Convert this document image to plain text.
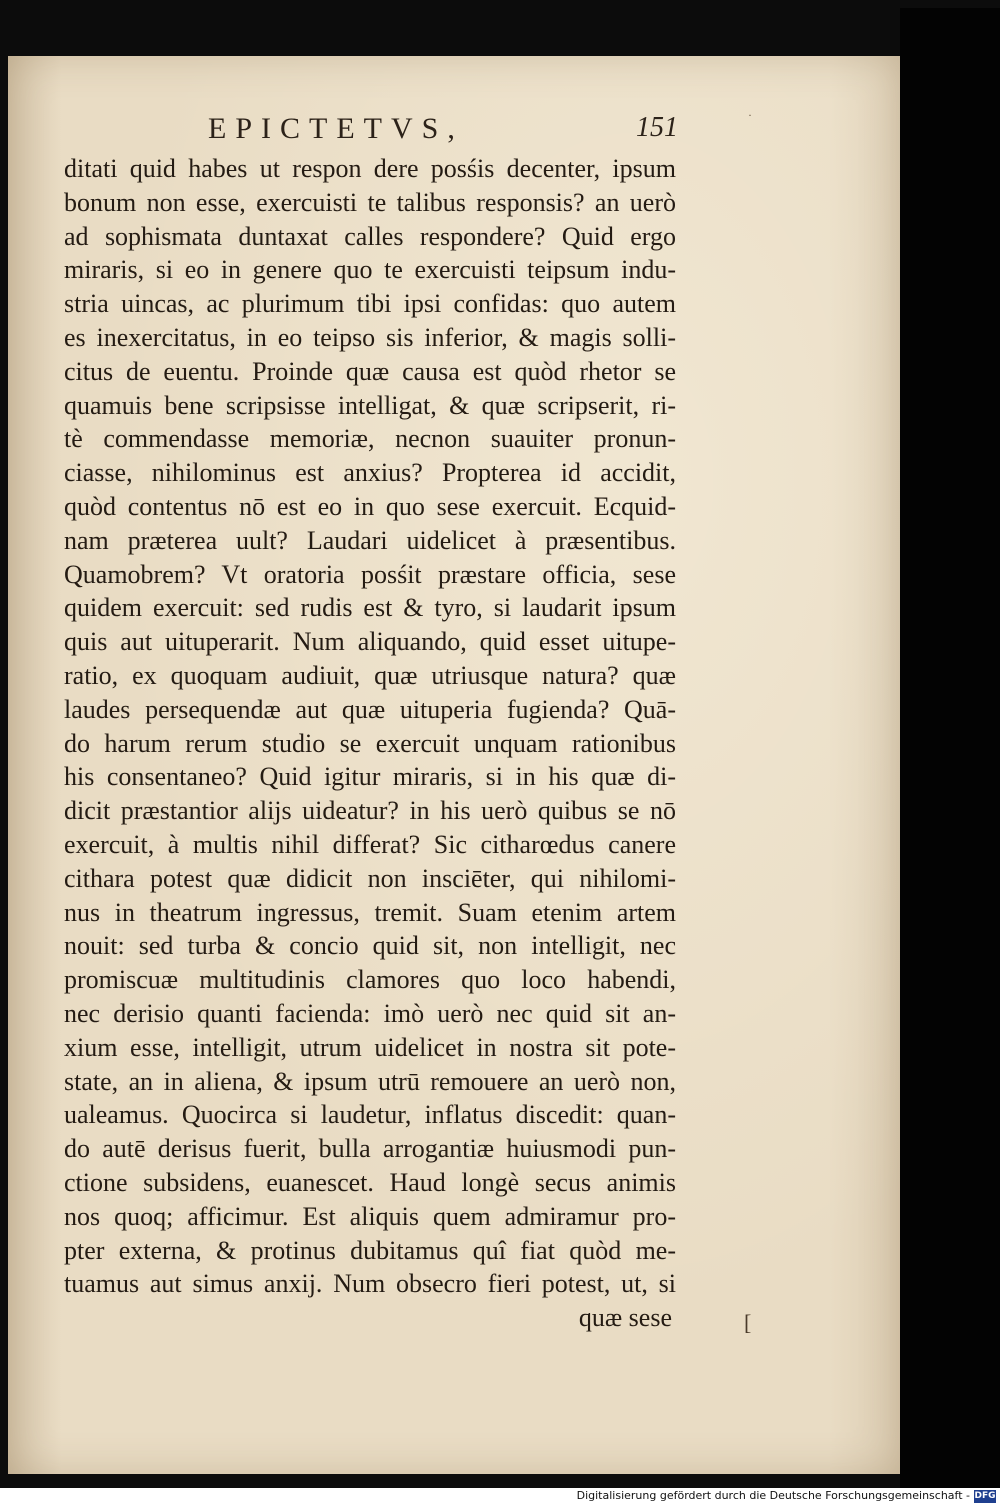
EPICTETVS,	151
ditati quid habes ut respon dere posśis decenter, ipsum
bonum non esse, exercuisti te talibus responsis? an uerò
ad sophismata duntaxat calles respondere? Quid ergo
miraris, si eo in genere quo te exercuisti teipsum indu-
stria uincas, ac plurimum tibi ipsi confidas: quo autem
es inexercitatus, in eo teipso sis inferior, & magis solli-
citus de euentu. Proinde quæ causa est quòd rhetor se
quamuis bene scripsisse intelligat, & quæ scripserit, ri-
tè commendasse memoriæ, necnon suauiter pronun-
ciasse, nihilominus est anxius? Propterea id accidit,
quòd contentus nō est eo in quo sese exercuit. Ecquid-
nam præterea uult? Laudari uidelicet à præsentibus.
Quamobrem? Vt oratoria posśit præstare officia, sese
quidem exercuit: sed rudis est & tyro, si laudarit ipsum
quis aut uituperarit. Num aliquando, quid esset uitupe-
ratio, ex quoquam audiuit, quæ utriusque natura? quæ
laudes persequendæ aut quæ uituperia fugienda? Quā-
do harum rerum studio se exercuit unquam rationibus
his consentaneo? Quid igitur miraris, si in his quæ di-
dicit præstantior aliјs uideatur? in his uerò quibus se nō
exercuit, à multis nihil differat? Sic citharœdus canere
cithara potest quæ didicit non insciēter, qui nihilomi-
nus in theatrum ingressus, tremit. Suam etenim artem
nouit: sed turba & concio quid sit, non intelligit, nec
promiscuæ multitudinis clamores quo loco habendi,
nec derisio quanti facienda: imò uerò nec quid sit an-
xium esse, intelligit, utrum uidelicet in nostra sit pote-
state, an in aliena, & ipsum utrū remouere an uerò non,
ualeamus. Quocirca si laudetur, inflatus discedit: quan-
do autē derisus fuerit, bulla arrogantiæ huiusmodi pun-
ctione subsidens, euanescet. Haud longè secus animis
nos quoq; afficimur. Est aliquis quem admiramur pro-
pter externa, & protinus dubitamus quî fiat quòd me-
tuamus aut simus anxij. Num obsecro fieri potest, ut, si
quæ sese
·
[
Digitalisierung gefördert durch die Deutsche Forschungsgemeinschaft - DFG
